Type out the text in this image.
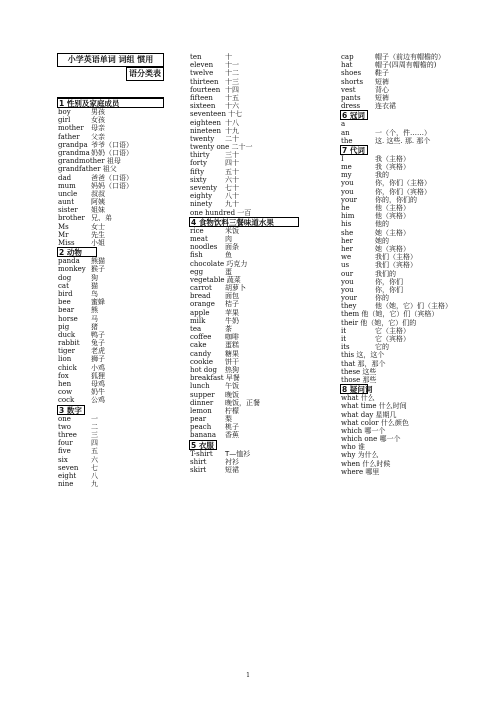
小学英语单词 词组 惯用
语分类表
1 性别及家庭成员
boy	男孩
girl	女孩
mother 母亲
father 父亲
grandpa 爷爷（口语）
grandma 奶奶（口语）
grandmother 祖母
grandfather 祖父
dad	爸爸（口语）
mum 妈妈（口语）
uncle 叔叔
aunt 阿姨
sister 姐妹
brother 兄、弟
Ms	女士
Mr	先生
Miss 小姐
2 动物
panda 熊猫
monkey 猴子
dog	狗
cat	猫
bird	鸟
bee	蜜蜂
bear 熊
horse 马
pig	猪
duck 鸭子
rabbit 兔子
tiger 老虎
lion	狮子
chick 小鸡
fox	狐狸
hen	母鸡
cow	奶牛
cock 公鸡
3 数字
one	一
two	二
three 三
four	四
five	五
six	六
seven 七
eight 八
nine	九
ten	十
eleven 十一
twelve 十二
thirteen 十三
fourteen 十四
fifteen 十五
sixteen 十六
seventeen 十七
eighteen 十八
nineteen 十九
twenty 二十
twenty one 二十一
thirty 三十
forty	四十
fifty	五十
sixty	六十
seventy 七十
eighty 八十
ninety 九十
one hundred 一百
4 食物饮料三餐味道水果
rice	米饭
meat 肉
noodles 面条
fish	鱼
chocolate 巧克力
egg	蛋
vegetable 蔬菜
carrot 胡萝卜
bread 面包
orange 桔子
apple 苹果
milk	牛奶
tea	茶
coffee 咖啡
cake	蛋糕
candy 糖果
cookie 饼干
hot dog 热狗
breakfast 早餐
lunch 午饭
supper 晚饭
dinner 晚饭，正餐
lemon 柠檬
pear	梨
peach 桃子
banana 香蕉
5 衣服
T-shirt T—恤衫
shirt	衬衫
skirt	短裙
cap	帽子（前边有帽檐的）
hat	帽子(四周有帽檐的)
shoes 鞋子
shorts 短裤
vest	背心
pants 短裤
dress 连衣裙
6 冠词
a
an	一（个，件……）
the	这. 这些. 那. 那个
7 代词
I	我（主格）
me	我（宾格）
my	我的
you	你，你们（主格）
you	你，你们（宾格）
your	你的，你们的
he	他（主格）
him	他（宾格）
his	他的
she	她（主格）
her	她的
her	她（宾格）
we	我们（主格）
us	我们（宾格）
our	我们的
you	你，你们
you	你，你们
your	你的
they	他（她，它）们（主格）
them 他（她，它）们（宾格）
their 他（她，它）们的
it	它（主格）
it	它（宾格）
its	它的
this 这，这个
that 那，那个
these 这些
those 那些
8 疑问词
what 什么
what time 什么时间
what day 星期几
what color 什么颜色
which 哪一个
which one 哪一个
who 谁
why 为什么
when 什么时候
where 哪里
1
